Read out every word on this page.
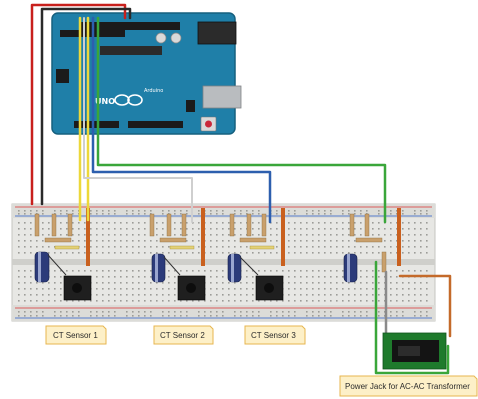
Arduino
UNO
CT Sensor 1	CT Sensor 2	CT Sensor 3
Power Jack for AC-AC Transformer
